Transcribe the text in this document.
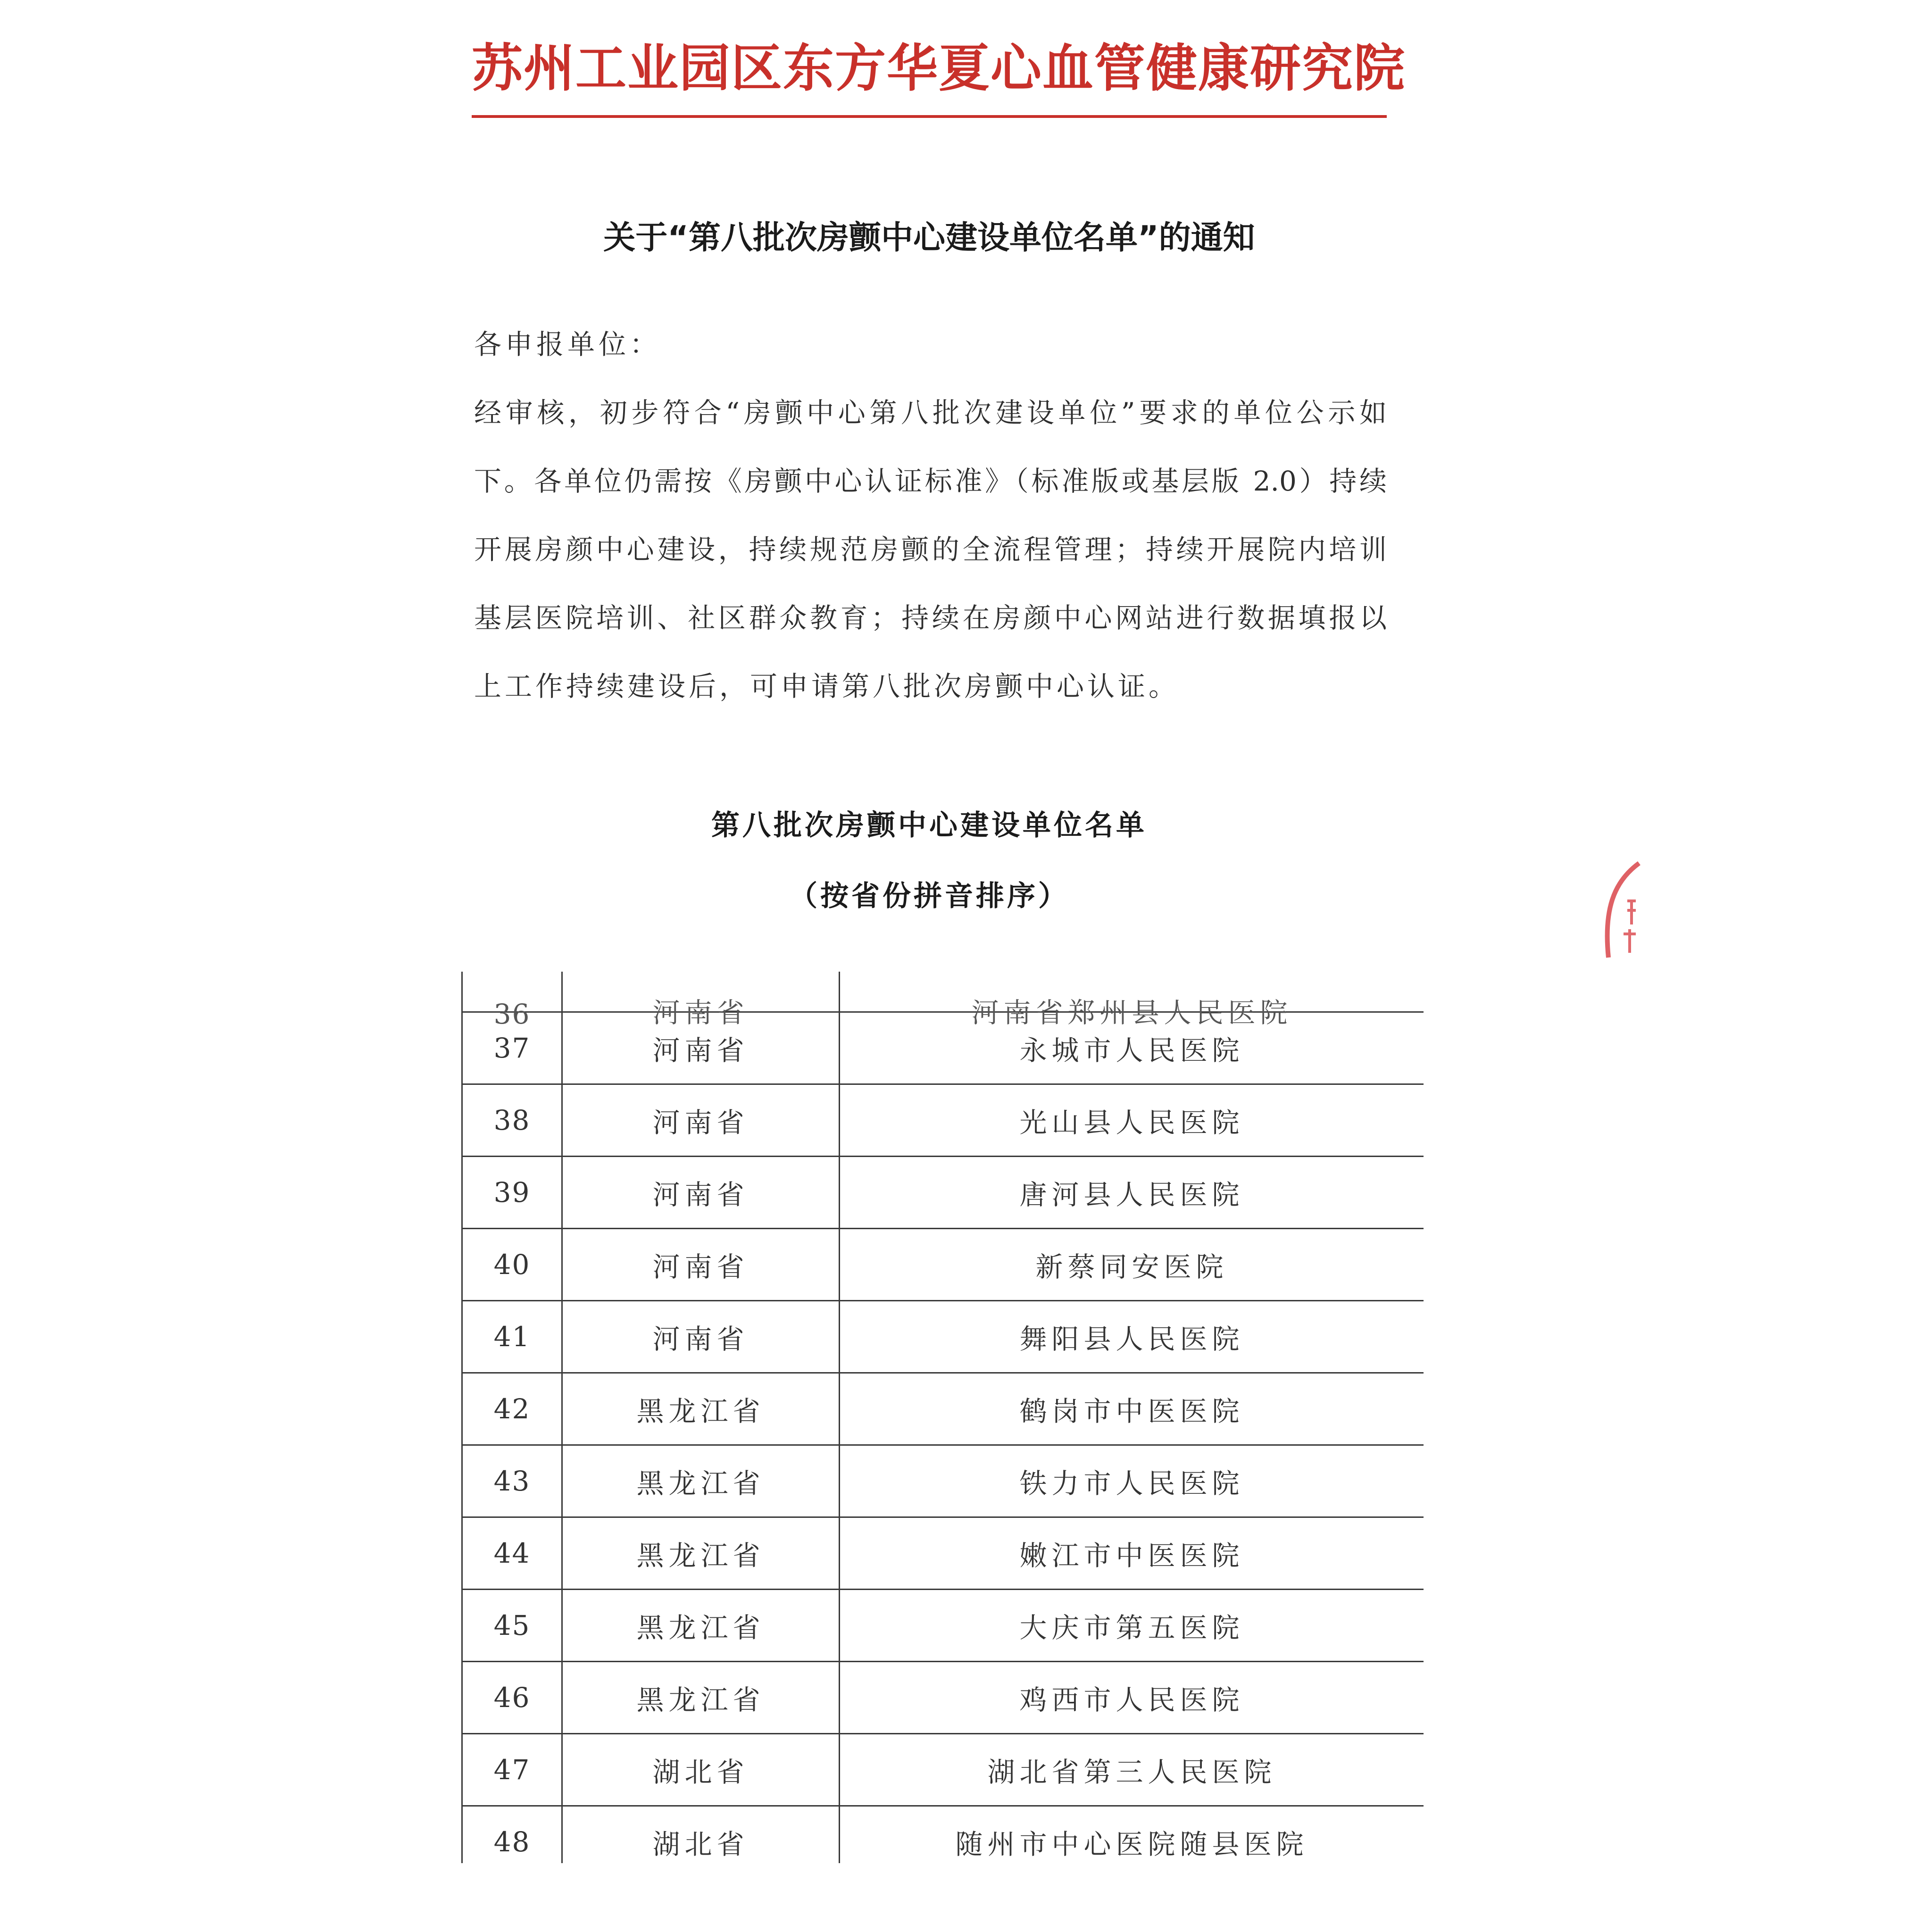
苏州工业园区东方华夏心血管健康研究院
关于“第八批次房颤中心建设单位名单”的通知
各申报单位：
经审核，初步符合“房颤中心第八批次建设单位”要求的单位公示如
下。各单位仍需按《房颤中心认证标准》（标准版或基层版 2.0）持续
开展房颜中心建设，持续规范房颤的全流程管理；持续开展院内培训
基层医院培训、社区群众教育；持续在房颜中心网站进行数据填报以
上工作持续建设后，可申请第八批次房颤中心认证。
第八批次房颤中心建设单位名单
（按省份拼音排序）
36	河南省	河南省郑州县人民医院
37	河南省	永城市人民医院
38	河南省	光山县人民医院
39	河南省	唐河县人民医院
40	河南省	新蔡同安医院
41	河南省	舞阳县人民医院
42	黑龙江省	鹤岗市中医医院
43	黑龙江省	铁力市人民医院
44	黑龙江省	嫩江市中医医院
45	黑龙江省	大庆市第五医院
46	黑龙江省	鸡西市人民医院
47	湖北省	湖北省第三人民医院
48	湖北省	随州市中心医院随县医院
